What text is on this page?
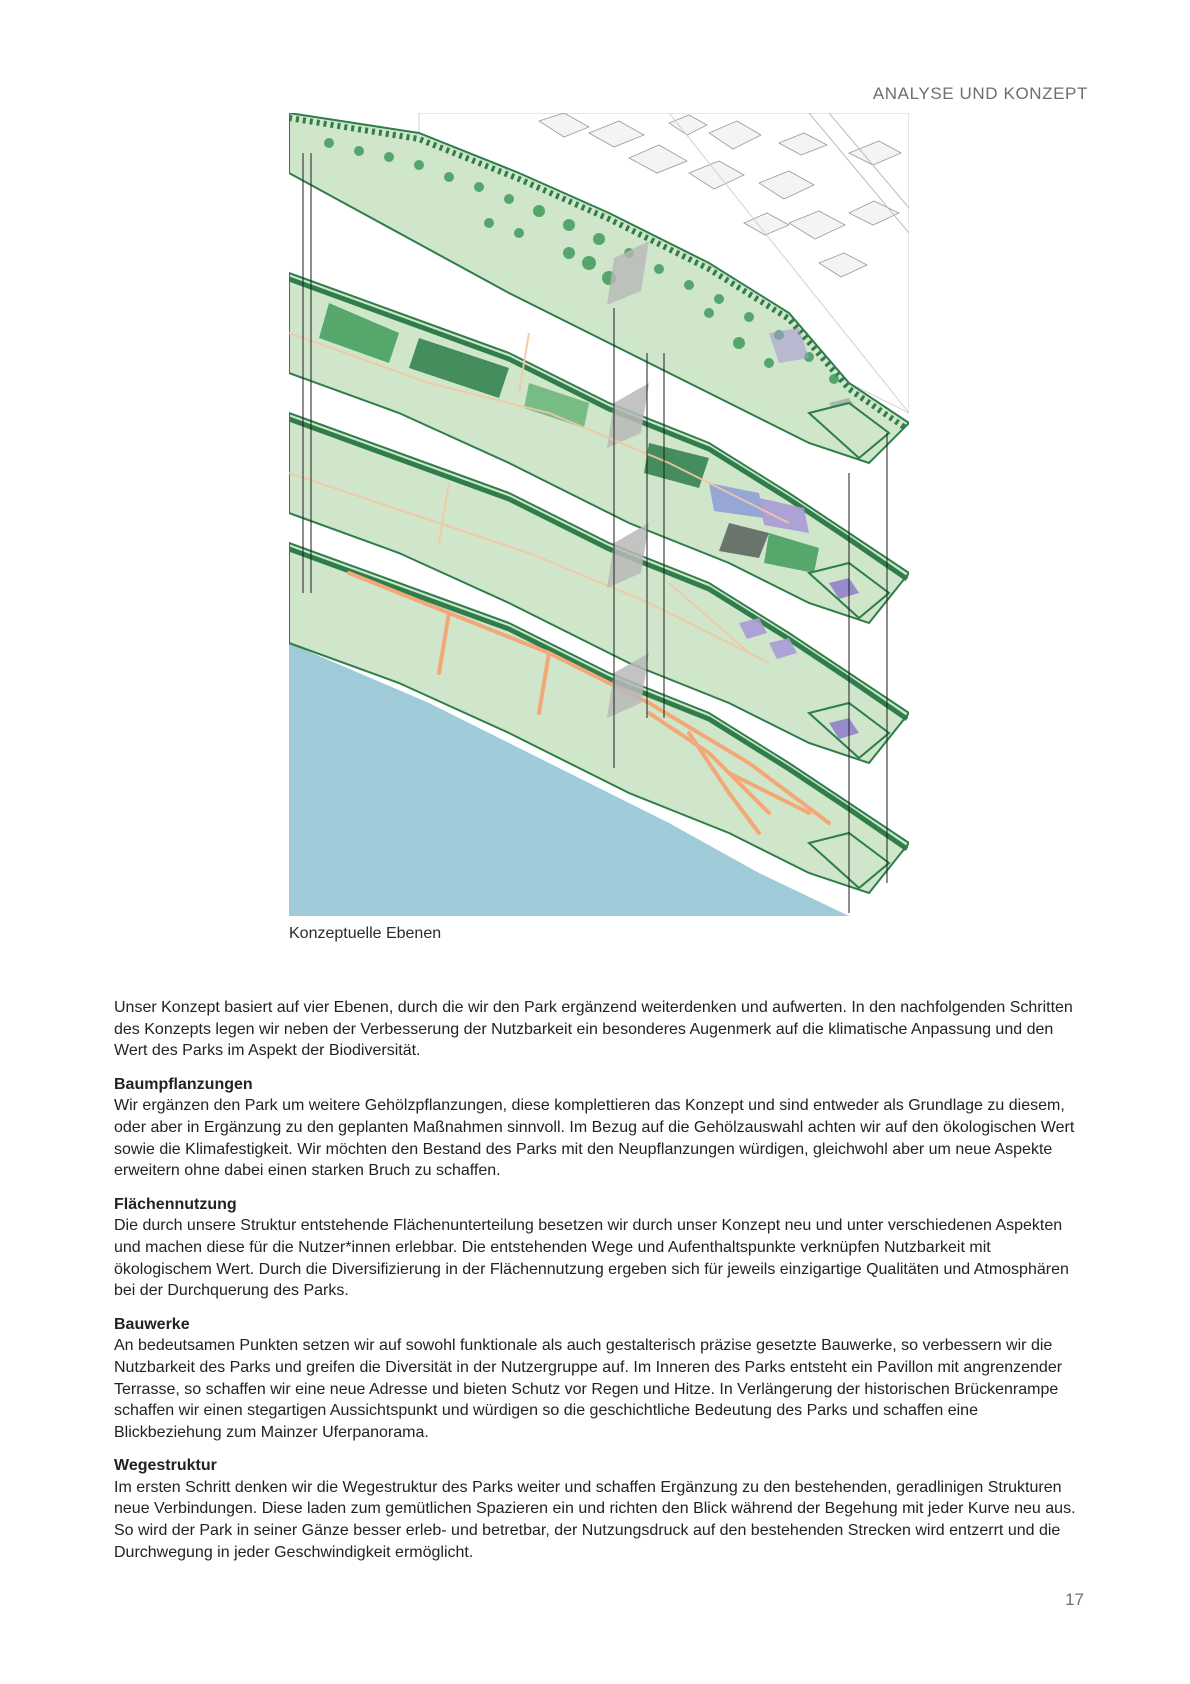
ANALYSE UND KONZEPT
Konzeptuelle Ebenen

Unser Konzept basiert auf vier Ebenen, durch die wir den Park ergänzend weiterdenken und aufwerten. In den nachfolgenden Schritten des Konzepts legen wir neben der Verbesserung der Nutzbarkeit ein besonderes Augenmerk auf die klimatische Anpassung und den Wert des Parks im Aspekt der Biodiversität.

Baumpflanzungen

Wir ergänzen den Park um weitere Gehölzpflanzungen, diese komplettieren das Konzept und sind entweder als Grundlage zu diesem, oder aber in Ergänzung zu den geplanten Maßnahmen sinnvoll. Im Bezug auf die Gehölzauswahl achten wir auf den ökologischen Wert sowie die Klimafestigkeit. Wir möchten den Bestand des Parks mit den Neupflanzungen würdigen, gleichwohl aber um neue Aspekte erweitern ohne dabei einen starken Bruch zu schaffen.

Flächennutzung

Die durch unsere Struktur entstehende Flächenunterteilung besetzen wir durch unser Konzept neu und unter verschiedenen Aspekten und machen diese für die Nutzer*innen erlebbar. Die entstehenden Wege und Aufenthaltspunkte verknüpfen Nutzbarkeit mit ökologischem Wert. Durch die Diversifizierung in der Flächennutzung ergeben sich für jeweils einzigartige Qualitäten und Atmosphären bei der Durchquerung des Parks.

Bauwerke

An bedeutsamen Punkten setzen wir auf sowohl funktionale als auch gestalterisch präzise gesetzte Bauwerke, so verbessern wir die Nutzbarkeit des Parks und greifen die Diversität in der Nutzergruppe auf. Im Inneren des Parks entsteht ein Pavillon mit angrenzender Terrasse, so schaffen wir eine neue Adresse und bieten Schutz vor Regen und Hitze. In Verlängerung der historischen Brückenrampe schaffen wir einen stegartigen Aussichtspunkt und würdigen so die geschichtliche Bedeutung des Parks und schaffen eine Blickbeziehung zum Mainzer Uferpanorama.

Wegestruktur

Im ersten Schritt denken wir die Wegestruktur des Parks weiter und schaffen Ergänzung zu den bestehenden, geradlinigen Strukturen neue Verbindungen. Diese laden zum gemütlichen Spazieren ein und richten den Blick während der Begehung mit jeder Kurve neu aus. So wird der Park in seiner Gänze besser erleb- und betretbar, der Nutzungsdruck auf den bestehenden Strecken wird entzerrt und die Durchwegung in jeder Geschwindigkeit ermöglicht.

17
